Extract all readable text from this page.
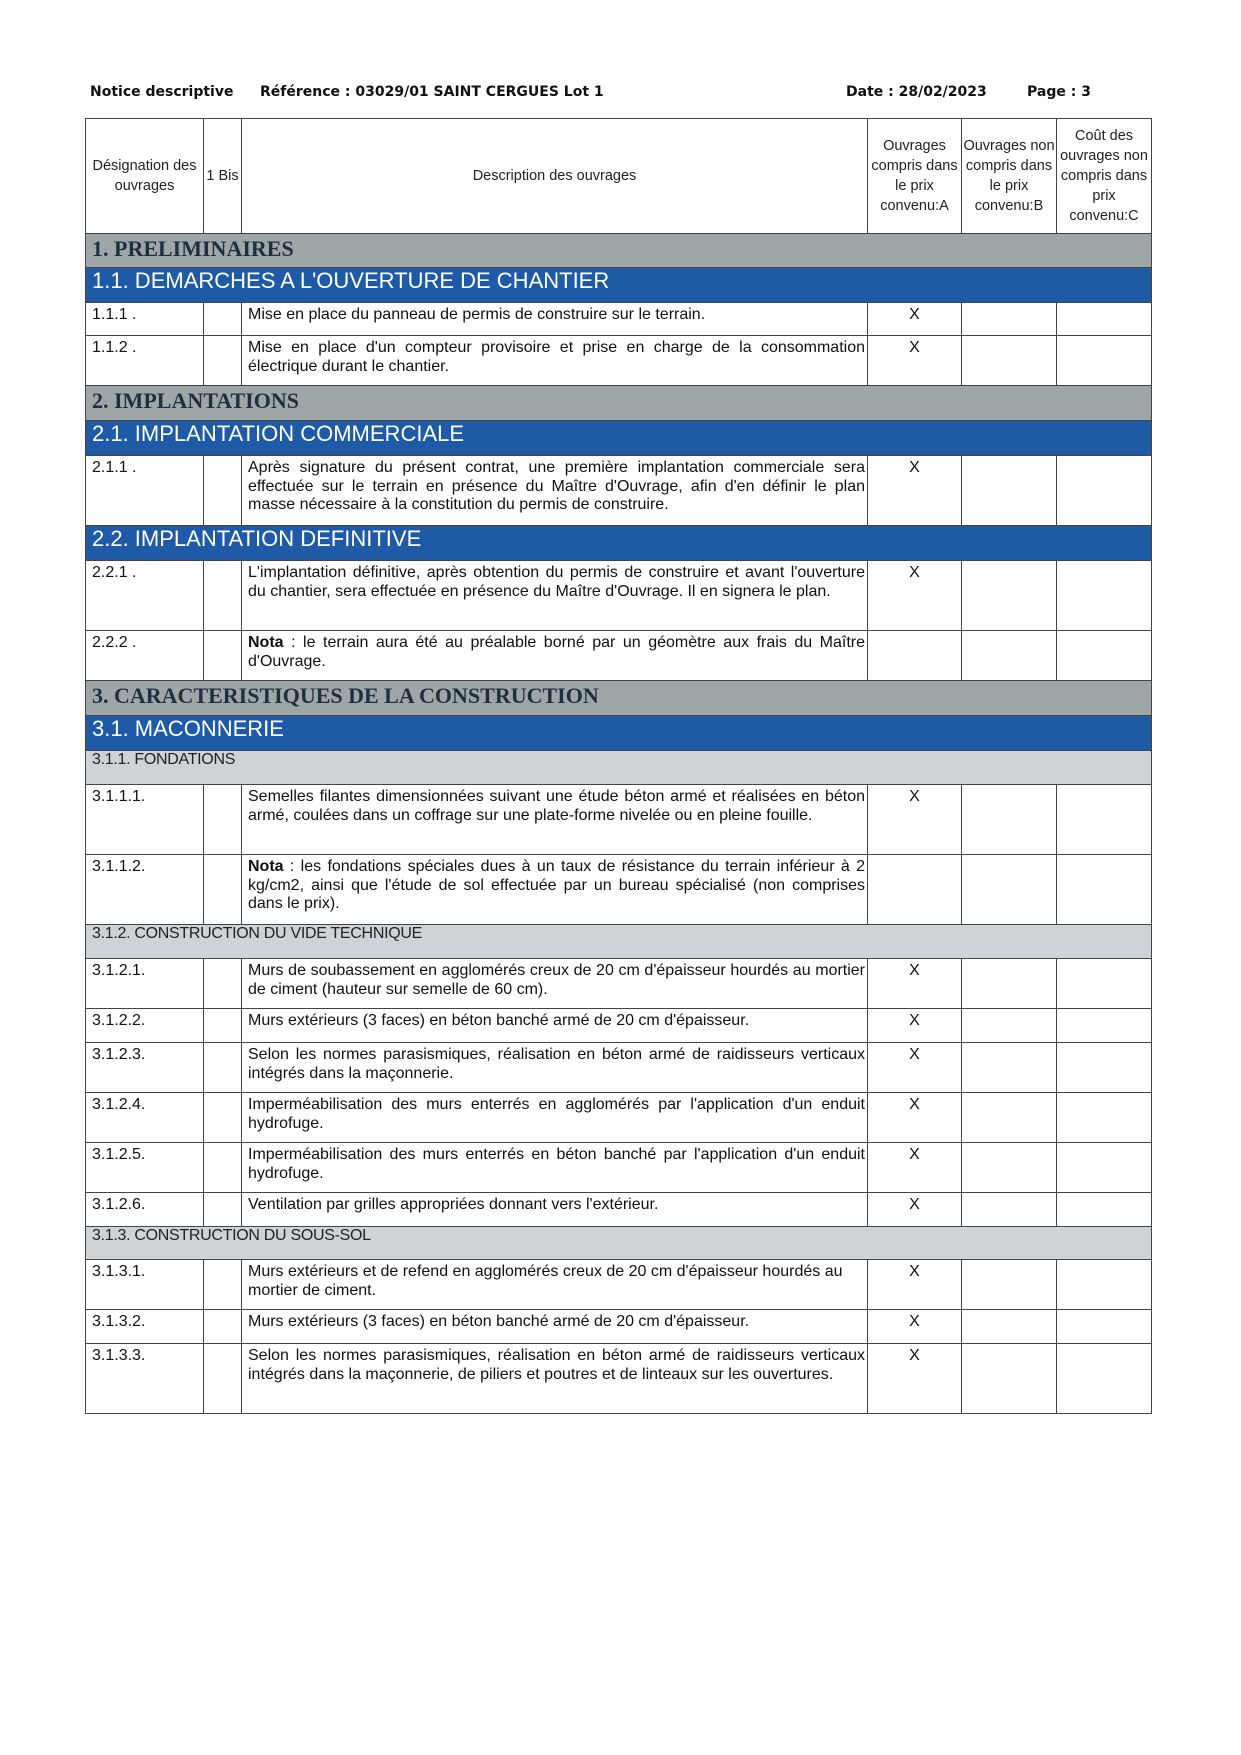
Notice descriptive Référence : 03029/01 SAINT CERGUES Lot 1	Date : 28/02/2023	Page : 3
Désignation des ouvrages	1 Bis	Description des ouvrages	Ouvrages compris dans le prix convenu:A	Ouvrages non compris dans le prix convenu:B	Coût des ouvrages non compris dans prix convenu:C
1. PRELIMINAIRES					
1.1. DEMARCHES A L'OUVERTURE DE CHANTIER					
1.1.1 .		Mise en place du panneau de permis de construire sur le terrain.	X		
1.1.2 .		Mise en place d'un compteur provisoire et prise en charge de la consommation électrique durant le chantier.	X		
2. IMPLANTATIONS					
2.1. IMPLANTATION COMMERCIALE					
2.1.1 .		Après signature du présent contrat, une première implantation commerciale sera effectuée sur le terrain en présence du Maître d'Ouvrage, afin d'en définir le plan masse nécessaire à la constitution du permis de construire.	X		
2.2. IMPLANTATION DEFINITIVE					
2.2.1 .		L'implantation définitive, après obtention du permis de construire et avant l'ouverture du chantier, sera effectuée en présence du Maître d'Ouvrage. Il en signera le plan.	X		
2.2.2 .		Nota : le terrain aura été au préalable borné par un géomètre aux frais du Maître d'Ouvrage.			
3. CARACTERISTIQUES DE LA CONSTRUCTION					
3.1. MACONNERIE					
3.1.1. FONDATIONS					
3.1.1.1.		Semelles filantes dimensionnées suivant une étude béton armé et réalisées en béton armé, coulées dans un coffrage sur une plate-forme nivelée ou en pleine fouille.	X		
3.1.1.2.		Nota : les fondations spéciales dues à un taux de résistance du terrain inférieur à 2 kg/cm2, ainsi que l'étude de sol effectuée par un bureau spécialisé (non comprises dans le prix).			
3.1.2. CONSTRUCTION DU VIDE TECHNIQUE					
3.1.2.1.		Murs de soubassement en agglomérés creux de 20 cm d'épaisseur hourdés au mortier de ciment (hauteur sur semelle de 60 cm).	X		
3.1.2.2.		Murs extérieurs (3 faces) en béton banché armé de 20 cm d'épaisseur.	X		
3.1.2.3.		Selon les normes parasismiques, réalisation en béton armé de raidisseurs verticaux intégrés dans la maçonnerie.	X		
3.1.2.4.		Imperméabilisation des murs enterrés en agglomérés par l'application d'un enduit hydrofuge.	X		
3.1.2.5.		Imperméabilisation des murs enterrés en béton banché par l'application d'un enduit hydrofuge.	X		
3.1.2.6.		Ventilation par grilles appropriées donnant vers l'extérieur.	X		
3.1.3. CONSTRUCTION DU SOUS-SOL					
3.1.3.1.		Murs extérieurs et de refend en agglomérés creux de 20 cm d'épaisseur hourdés au mortier de ciment.	X		
3.1.3.2.		Murs extérieurs (3 faces) en béton banché armé de 20 cm d'épaisseur.	X		
3.1.3.3.		Selon les normes parasismiques, réalisation en béton armé de raidisseurs verticaux intégrés dans la maçonnerie, de piliers et poutres et de linteaux sur les ouvertures.	X		
